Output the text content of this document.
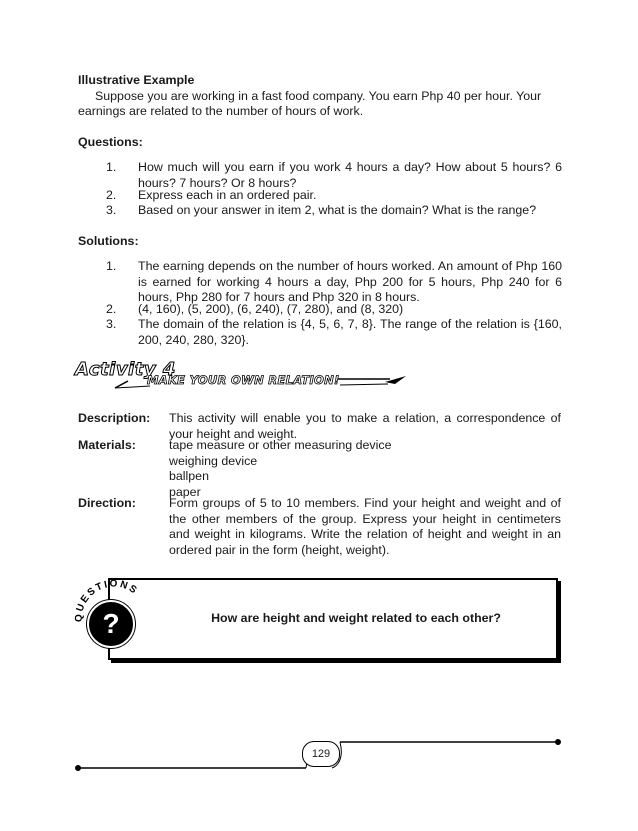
Illustrative Example
Suppose you are working in a fast food company. You earn Php 40 per hour. Your
earnings are related to the number of hours of work.
Questions:
1. How much will you earn if you work 4 hours a day? How about 5 hours? 6 hours? 7 hours? Or 8 hours?
2. Express each in an ordered pair.
3. Based on your answer in item 2, what is the domain? What is the range?
Solutions:
1. The earning depends on the number of hours worked. An amount of Php 160 is earned for working 4 hours a day, Php 200 for 5 hours, Php 240 for 6 hours, Php 280 for 7 hours and Php 320 in 8 hours.
2. (4, 160), (5, 200), (6, 240), (7, 280), and (8, 320)
3. The domain of the relation is {4, 5, 6, 7, 8}. The range of the relation is {160, 200, 240, 280, 320}.
Activity 4
MAKE YOUR OWN RELATION!
Description: This activity will enable you to make a relation, a correspondence of your height and weight.
Materials:	tape measure or other measuring device
weighing device
ballpen
paper
Direction:	Form groups of 5 to 10 members. Find your height and weight and of the other members of the group. Express your height in centimeters and weight in kilograms. Write the relation of height and weight in an ordered pair in the form (height, weight).
QUESTIONS
?	How are height and weight related to each other?
129
